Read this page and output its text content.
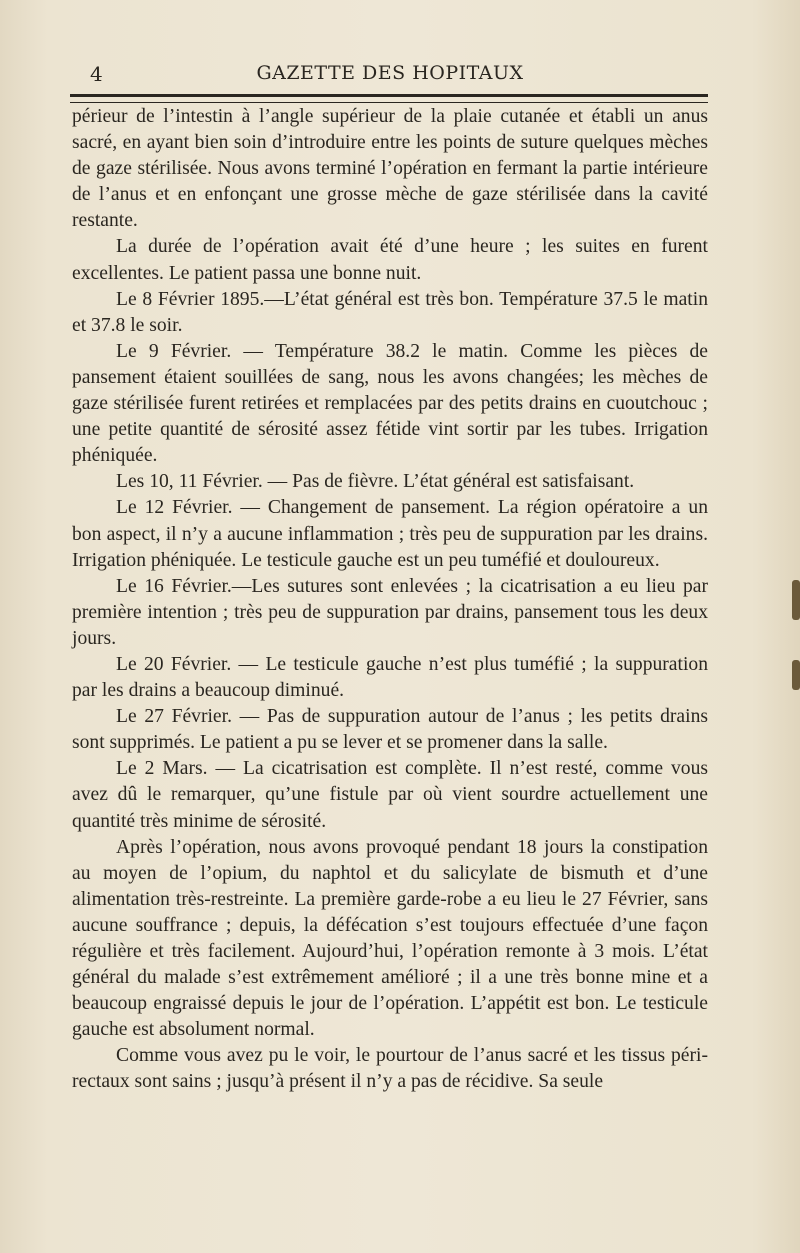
4	GAZETTE DES HOPITAUX

périeur de l’intestin à l’angle supérieur de la plaie cutanée et établi un anus sacré, en ayant bien soin d’introduire entre les points de suture quelques mèches de gaze stérilisée. Nous avons terminé l’opération en fermant la partie intérieure de l’anus et en enfonçant une grosse mèche de gaze stérilisée dans la cavité restante.

La durée de l’opération avait été d’une heure ; les suites en furent excellentes. Le patient passa une bonne nuit.

Le 8 Février 1895.—L’état général est très bon. Température 37.5 le matin et 37.8 le soir.

Le 9 Février. — Température 38.2 le matin. Comme les pièces de pansement étaient souillées de sang, nous les avons changées; les mèches de gaze stérilisée furent retirées et remplacées par des petits drains en cuoutchouc ; une petite quantité de sérosité assez fétide vint sortir par les tubes. Irrigation phéniquée.

Les 10, 11 Février. — Pas de fièvre. L’état général est satisfaisant.

Le 12 Février. — Changement de pansement. La région opératoire a un bon aspect, il n’y a aucune inflammation ; très peu de suppuration par les drains. Irrigation phéniquée. Le testicule gauche est un peu tuméfié et douloureux.

Le 16 Février.—Les sutures sont enlevées ; la cicatrisation a eu lieu par première intention ; très peu de suppuration par drains, pansement tous les deux jours.

Le 20 Février. — Le testicule gauche n’est plus tuméfié ; la suppuration par les drains a beaucoup diminué.

Le 27 Février. — Pas de suppuration autour de l’anus ; les petits drains sont supprimés. Le patient a pu se lever et se promener dans la salle.

Le 2 Mars. — La cicatrisation est complète. Il n’est resté, comme vous avez dû le remarquer, qu’une fistule par où vient sourdre actuellement une quantité très minime de sérosité.

Après l’opération, nous avons provoqué pendant 18 jours la constipation au moyen de l’opium, du naphtol et du salicylate de bismuth et d’une alimentation très-restreinte. La première garde-robe a eu lieu le 27 Février, sans aucune souffrance ; depuis, la défécation s’est toujours effectuée d’une façon régulière et très facilement. Aujourd’hui, l’opération remonte à 3 mois. L’état général du malade s’est extrêmement amélioré ; il a une très bonne mine et a beaucoup engraissé depuis le jour de l’opération. L’appétit est bon. Le testicule gauche est absolument normal.

Comme vous avez pu le voir, le pourtour de l’anus sacré et les tissus péri-rectaux sont sains ; jusqu’à présent il n’y a pas de récidive. Sa seule
